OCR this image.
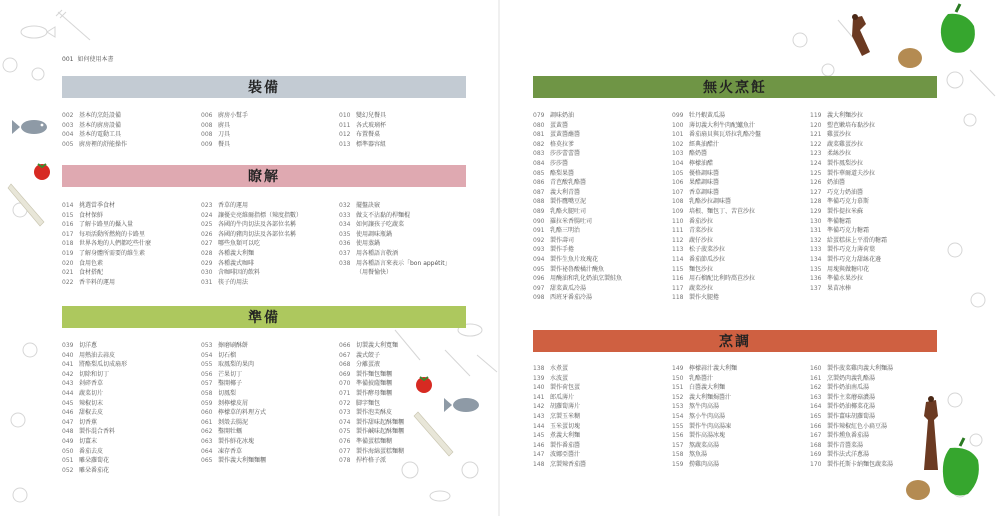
001 如何使用本書
裝備
002 基本的烹飪設備
003 基本的廚房設備
004 基本的電動工具
005 廚房裡的舒能操作
006 廚房小幫手
008 廚具
008 刀具
009 餐具
010 變幻兒餐具
011 各式玻璃杯
012 布置餐桌
013 標準器容組
瞭解
014 挑選當季食材
015 食材保鮮
016 了解卡路里的攝入量
017 每項活動所燃燒的卡路里
018 世界各地的人們都吃些什麼
019 了解身體所需要的維生素
020 食用色素
021 食材搭配
022 香辛料的運用
023 香草的運用
024 讓優史亮維爾指標（辣度指數）
025 各國的牛肉切法及各部位名稱
026 各國的豬肉切法及各部位名稱
027 哪些魚類可以吃
028 各種義大利麵
029 各種義式咖啡
030 含咖啡因的飲料
031 筷子的用法
032 擺盤訣竅
033 做支不沾黏的桿麵棍
034 如何讓孩子吃蔬菜
035 使用調味瓶鍋
036 使用蒸鍋
037 用各種語言敬酒
038 用各種語言來表示「bon appétit」
（用餐愉快）
準備
039 切洋蔥
040 用熱油去蒜皮
041 將酪梨瓜切成扇形
042 切除和切丁
043 剁碎香草
044 蔬菜切片
045 辣椒切末
046 甜椒去皮
047 切香蕉
048 製作混合香料
049 切薑末
050 番茄去皮
051 雕朵蘿蔔花
052 雕朵番茄花
053 擦磨刷酥餅
054 切石榴
055 取鳳梨的果肉
056 芒果切丁
057 鑿開椰子
058 切鳳梨
059 剝檸檬皮屑
060 檸檬草的料理方式
061 剝殼去腸泥
062 鑿開牡蠣
063 製作鮮花冰塊
064 凍存香草
065 製作義大利麵麵糰
066 切製義大利寬麵
067 義式餃子
068 分離蛋液
069 製作麵包麵糰
070 準備披薩麵糰
071 製作酵母麵糰
072 脚字麵包
073 製作泡芙酥皮
074 製作甜味起酥麵糰
075 製作鹹味起酥麵糰
076 準備蛋糕麵糊
077 製作海綿蛋糕麵糊
078 捍杵格子派
無火烹飪
079 調味奶油
080 蛋黃醬
081 蛋黃醬蘸醬
082 格莫拉爹
083 莎莎蕾蕾醬
084 莎莎醬
085 酪梨果醬
086 青芭酸乳酪醬
087 義大利青醬
088 製作鷹嘴豆泥
089 乳酪火腿吐司
090 羅拉米香腸吐司
091 乳酪三明治
092 製作壽司
093 製作手捲
094 製作生魚片玫瑰花
095 製作祕魯酸橘汁醃魚
096 用醃油和乳化奶油烹製鮭魚
097 甜菜黃瓜冷湯
098 西班牙番茄冷湯
099 牡丹蝦黃瓜湯
100 薄切義大利牛肉配鱸魚汁
101 番茄扇貝與瓦塔拉乳酪冷盤
102 經典油醋汁
103 酪奶醬
104 檸檬油醋
105 優格調味醬
106 果醋調味醬
107 香草調味醬
108 乳酪沙拉調味醬
109 培根、麵包丁、苦苣沙拉
110 番茄沙拉
111 青菜沙拉
112 蔬仔沙拉
113 松子菠菜沙拉
114 番茄節瓜沙拉
115 麵包沙拉
116 用石榴配比利時萵苣沙拉
117 蔬菜沙拉
118 製作火腿捲
119 義大利麵沙拉
120 塑芭嫩培布黏沙拉
121 雞蛋沙拉
122 蔬菜雞蛋沙拉
123 柔絲沙拉
124 製作鳳梨沙拉
125 製作華爾道夫沙拉
126 奶油醬
127 巧克力奶油醬
128 準備巧克力慕斯
129 製作提拉米蘇
130 準備糖霜
131 準備巧克力糖霜
132 給蛋糕抹上平滑的糖霜
133 製作巧克力薄荷葉
134 製作巧克力甜絲花邊
135 用塊與做糖印花
136 準備水果沙拉
137 果苗冰棒
烹調
138 水煮蛋
139 水波蛋
140 製作荷包蛋
141 郎瓜薄片
142 胡蘿蔔薄片
143 烹製玉米糊
144 玉米蛋切塊
145 煮義大利麵
146 製作番茄醬
147 波娜亞醬汁
148 烹製辣香茄醬
149 檸檬蒜汁義大利麵
150 乳酪醬汁
151 白醬義大利麵
152 義大利麵焗醬汁
153 熬牛肉高湯
154 熬小牛肉高湯
155 製作牛肉高湯凍
156 製作高湯冰塊
157 熬蔬菜高湯
158 熬魚湯
159 撈雞肉高湯
160 製作菠菜雞肉義大利麵湯
161 烹製奶肉義乳酪湯
162 製作奶油南瓜湯
163 製作主菜蘑菇濃湯
164 製作奶油椰菜花湯
165 製作薑味胡蘿蔔湯
166 製作辣椒紅色小扁豆湯
167 製作燻魚番茄湯
168 製作青醬菜湯
169 製作法式洋蔥湯
170 製作托斯卡納麵包蔬菜湯
